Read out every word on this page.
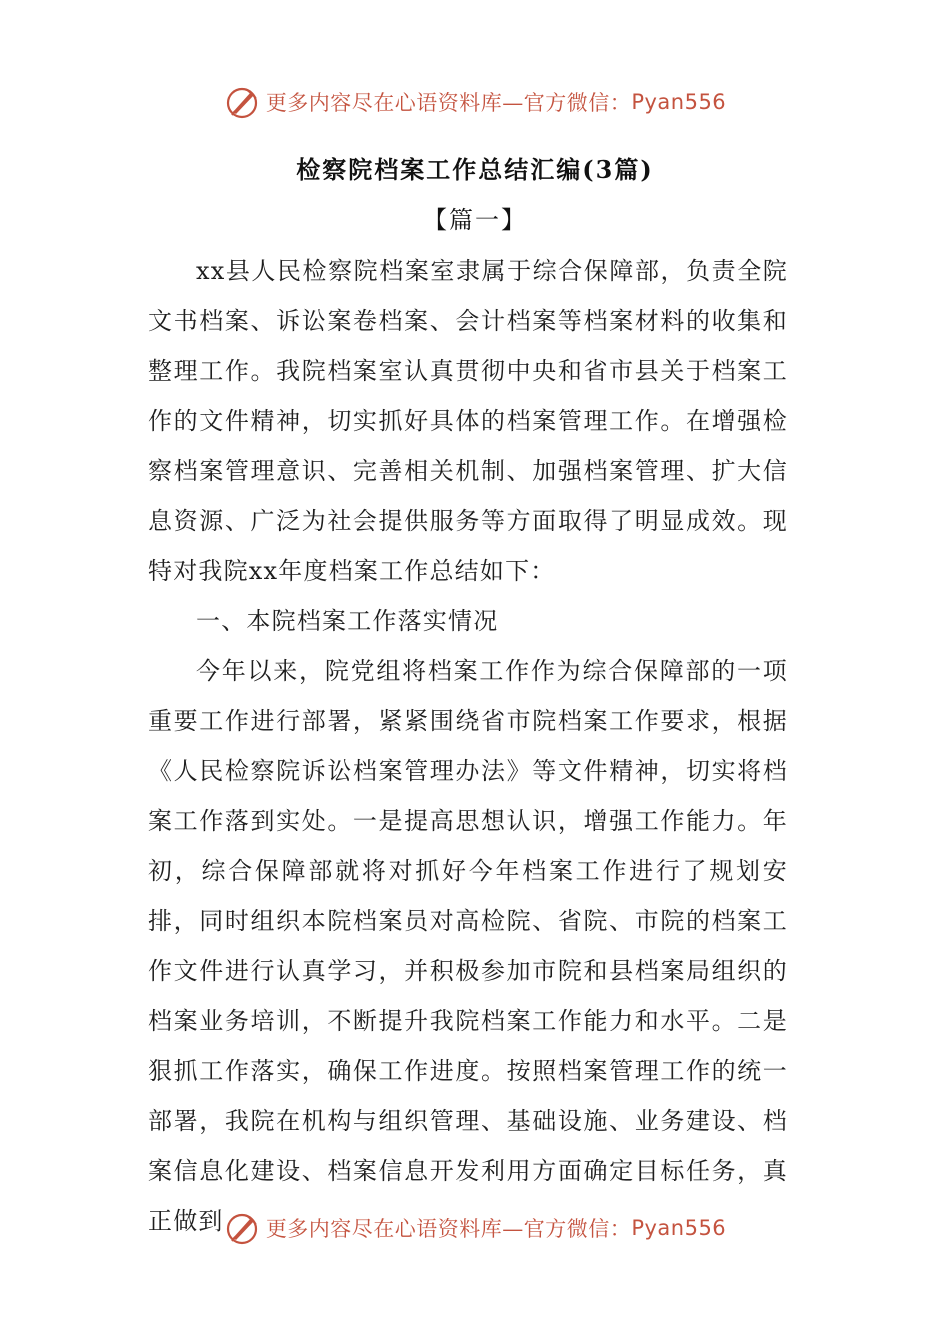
更多内容尽在心语资料库—官方微信： Pyan556
检察院档案工作总结汇编(3篇)
【篇一】

xx县人民检察院档案室隶属于综合保障部，负责全院文书档案、诉讼案卷档案、会计档案等档案材料的收集和整理工作。我院档案室认真贯彻中央和省市县关于档案工作的文件精神，切实抓好具体的档案管理工作。在增强检察档案管理意识、完善相关机制、加强档案管理、扩大信息资源、广泛为社会提供服务等方面取得了明显成效。现特对我院xx年度档案工作总结如下：

一、本院档案工作落实情况

今年以来，院党组将档案工作作为综合保障部的一项重要工作进行部署，紧紧围绕省市院档案工作要求，根据《人民检察院诉讼档案管理办法》等文件精神，切实将档案工作落到实处。一是提高思想认识，增强工作能力。年初，综合保障部就将对抓好今年档案工作进行了规划安排，同时组织本院档案员对高检院、省院、市院的档案工作文件进行认真学习，并积极参加市院和县档案局组织的档案业务培训，不断提升我院档案工作能力和水平。二是狠抓工作落实，确保工作进度。按照档案管理工作的统一部署，我院在机构与组织管理、基础设施、业务建设、档案信息化建设、档案信息开发利用方面确定目标任务，真正做到	更多内容尽在心语资料库—官方微信： Pyan556
